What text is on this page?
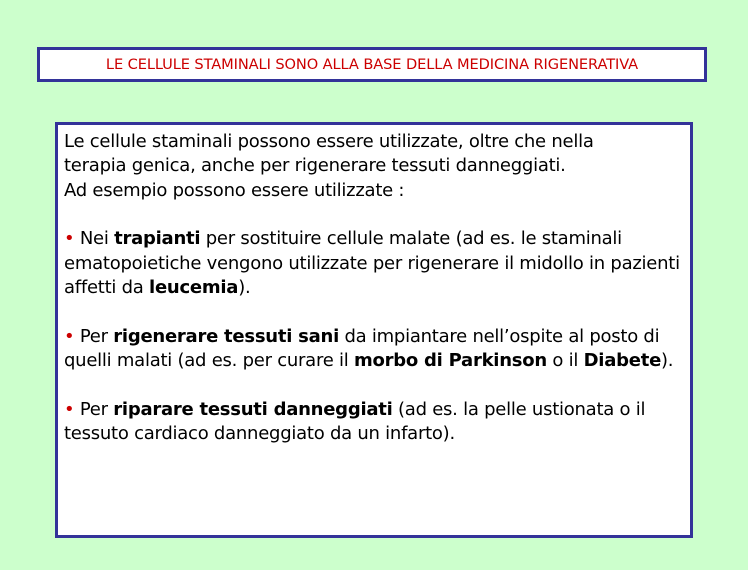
LE CELLULE STAMINALI SONO ALLA BASE DELLA MEDICINA RIGENERATIVA

Le cellule staminali possono essere utilizzate, oltre che nella
terapia genica, anche per rigenerare tessuti danneggiati.
Ad esempio possono essere utilizzate :

• Nei trapianti per sostituire cellule malate (ad es. le staminali ematopoietiche vengono utilizzate per rigenerare il midollo in pazienti affetti da leucemia).

• Per rigenerare tessuti sani da impiantare nell’ospite al posto di quelli malati (ad es. per curare il morbo di Parkinson o il Diabete).

• Per riparare tessuti danneggiati (ad es. la pelle ustionata o il tessuto cardiaco danneggiato da un infarto).
